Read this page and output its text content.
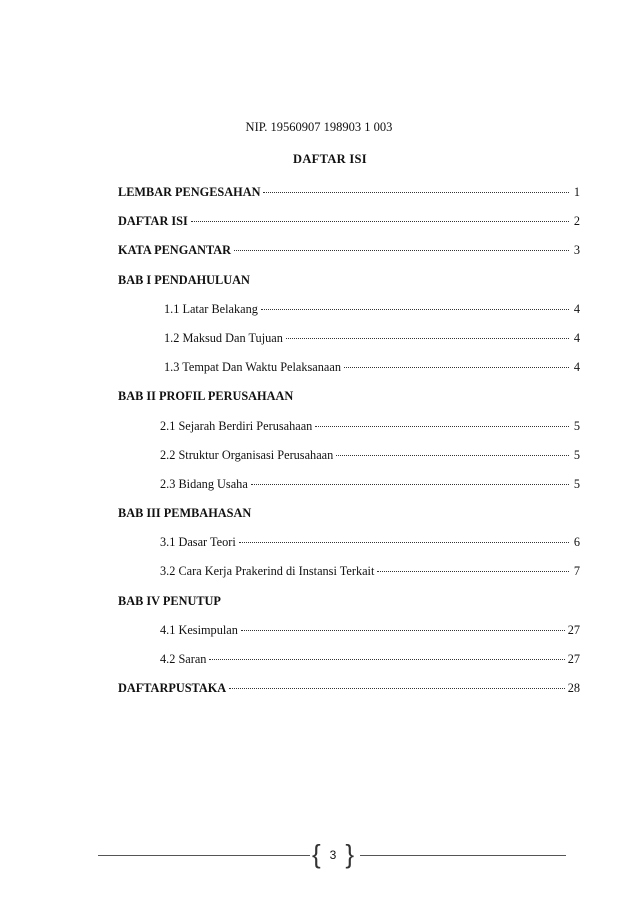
NIP. 19560907 198903 1 003
DAFTAR ISI
LEMBAR PENGESAHAN	1
DAFTAR ISI	2
KATA PENGANTAR	3
BAB I PENDAHULUAN
1.1 Latar Belakang	4
1.2 Maksud Dan Tujuan	4
1.3 Tempat Dan Waktu Pelaksanaan	4
BAB II PROFIL PERUSAHAAN
2.1 Sejarah Berdiri Perusahaan	5
2.2 Struktur Organisasi Perusahaan	5
2.3 Bidang Usaha	5
BAB III PEMBAHASAN
3.1 Dasar Teori	6
3.2 Cara Kerja Prakerind di Instansi Terkait	7
BAB IV PENUTUP
4.1 Kesimpulan	27
4.2 Saran	27
DAFTARPUSTAKA	28
{ 3 }
